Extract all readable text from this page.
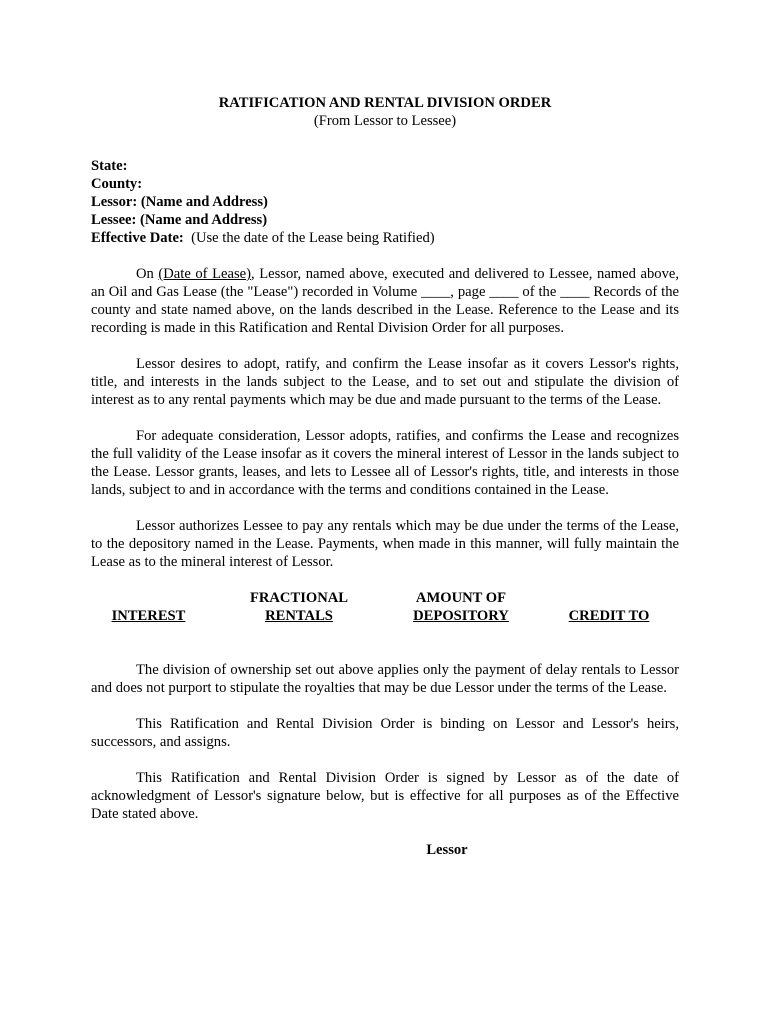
RATIFICATION AND RENTAL DIVISION ORDER

(From Lessor to Lessee)

State:

County:

Lessor: (Name and Address)

Lessee: (Name and Address)

Effective Date: (Use the date of the Lease being Ratified)

On (Date of Lease), Lessor, named above, executed and delivered to Lessee, named above, an Oil and Gas Lease (the "Lease") recorded in Volume ____, page ____ of the ____ Records of the county and state named above, on the lands described in the Lease. Reference to the Lease and its recording is made in this Ratification and Rental Division Order for all purposes.

Lessor desires to adopt, ratify, and confirm the Lease insofar as it covers Lessor's rights, title, and interests in the lands subject to the Lease, and to set out and stipulate the division of interest as to any rental payments which may be due and made pursuant to the terms of the Lease.

For adequate consideration, Lessor adopts, ratifies, and confirms the Lease and recognizes the full validity of the Lease insofar as it covers the mineral interest of Lessor in the lands subject to the Lease. Lessor grants, leases, and lets to Lessee all of Lessor's rights, title, and interests in those lands, subject to and in accordance with the terms and conditions contained in the Lease.

Lessor authorizes Lessee to pay any rentals which may be due under the terms of the Lease, to the depository named in the Lease. Payments, when made in this manner, will fully maintain the Lease as to the mineral interest of Lessor.

INTEREST
FRACTIONAL
RENTALS
AMOUNT OF
DEPOSITORY	CREDIT TO

The division of ownership set out above applies only the payment of delay rentals to Lessor and does not purport to stipulate the royalties that may be due Lessor under the terms of the Lease.

This Ratification and Rental Division Order is binding on Lessor and Lessor's heirs, successors, and assigns.

This Ratification and Rental Division Order is signed by Lessor as of the date of acknowledgment of Lessor's signature below, but is effective for all purposes as of the Effective Date stated above.

Lessor
